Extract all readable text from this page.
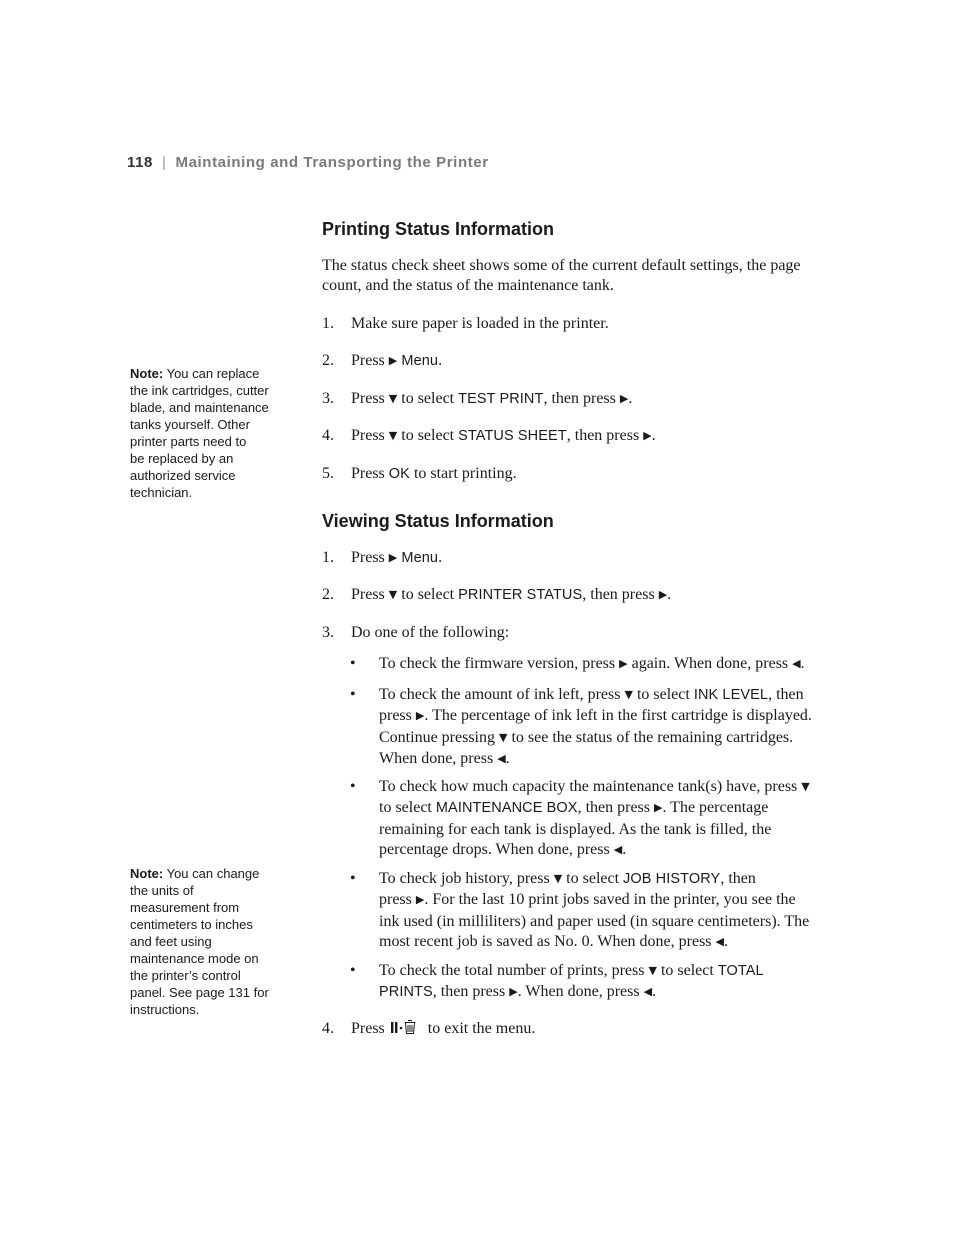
118 | Maintaining and Transporting the Printer
Printing Status Information
The status check sheet shows some of the current default settings, the page
count, and the status of the maintenance tank.
1. Make sure paper is loaded in the printer.
2. Press ▶ Menu.
3. Press ▼ to select TEST PRINT, then press ▶.
4. Press ▼ to select STATUS SHEET, then press ▶.
5. Press OK to start printing.
Viewing Status Information
1. Press ▶ Menu.
2. Press ▼ to select PRINTER STATUS, then press ▶.
3. Do one of the following:
• To check the firmware version, press ▶ again. When done, press ◀.
• To check the amount of ink left, press ▼ to select INK LEVEL, then
press ▶. The percentage of ink left in the first cartridge is displayed.
Continue pressing ▼ to see the status of the remaining cartridges.
When done, press ◀.
• To check how much capacity the maintenance tank(s) have, press ▼
to select MAINTENANCE BOX, then press ▶. The percentage
remaining for each tank is displayed. As the tank is filled, the
percentage drops. When done, press ◀.
• To check job history, press ▼ to select JOB HISTORY, then
press ▶. For the last 10 print jobs saved in the printer, you see the
ink used (in milliliters) and paper used (in square centimeters). The
most recent job is saved as No. 0. When done, press ◀.
• To check the total number of prints, press ▼ to select TOTAL
PRINTS, then press ▶. When done, press ◀.
4. Press	to exit the menu.
Note: You can replace
the ink cartridges, cutter
blade, and maintenance
tanks yourself. Other
printer parts need to
be replaced by an
authorized service
technician.
Note: You can change
the units of
measurement from
centimeters to inches
and feet using
maintenance mode on
the printer’s control
panel. See page 131 for
instructions.
